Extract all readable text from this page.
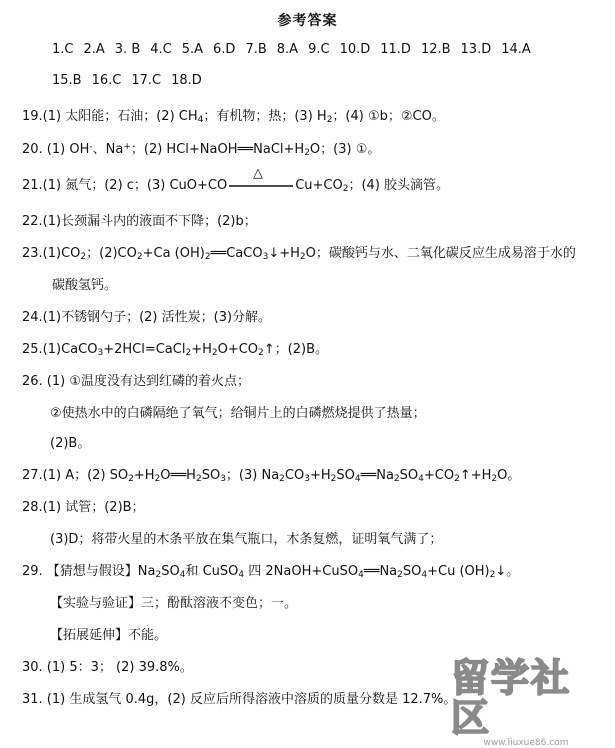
参考答案
1.C 2.A 3. B 4.C 5.A 6.D 7.B 8.A 9.C 10.D 11.D 12.B 13.D 14.A
15.B 16.C 17.C 18.D
19.(1) 太阳能；石油；(2) $CH_4$；有机物；热；(3) $H_2$；(4) ①b；②CO。
20. (1) OH-、Na+；(2) $HCl+NaOH══NaCl+H_2O$；(3) ①。
21.(1) 氮气；(2) c；(3) CuO+CO
△
$Cu+CO_2$；(4) 胶头滴管。
22.(1)长颈漏斗内的液面不下降；(2)b；
$23.(1)CO_2$；$(2)CO_2+Ca$ $(OH)_2══CaCO_3↓+H_2O$；碳酸钙与水、二氧化碳反应生成易溶于水的
碳酸氢钙。
24.(1)不锈钢勺子；(2) 活性炭；(3)分解。
$25.(1)CaCO_3+2HCl=CaCl_2+H_2O+CO_2↑$；(2)B。
26. (1) ①温度没有达到红磷的着火点；
②使热水中的白磷隔绝了氧气；给铜片上的白磷燃烧提供了热量；
(2)B。
27.(1) A；(2) $SO_2+H_2O══H_2SO_3$；(3) $Na_2CO_3+H_2SO_4══Na_2SO_4+CO_2↑+H_2O$。
28.(1) 试管；(2)B；
(3)D；将带火星的木条平放在集气瓶口，木条复燃，证明氧气满了；
29. 【猜想与假设】$Na_2SO_4$和 CuSO$_4$ 四 $2NaOH+CuSO_4══Na_2SO_4+Cu$ $(OH)_2↓$。
【实验与验证】三；酚酞溶液不变色；一。
【拓展延伸】不能。
30. (1) 5：3； (2) 39.8%。
31. (1) 生成氢气 0.4g，(2) 反应后所得溶液中溶质的质量分数是 12.7%。
留学社区
www.liuxue86.com
